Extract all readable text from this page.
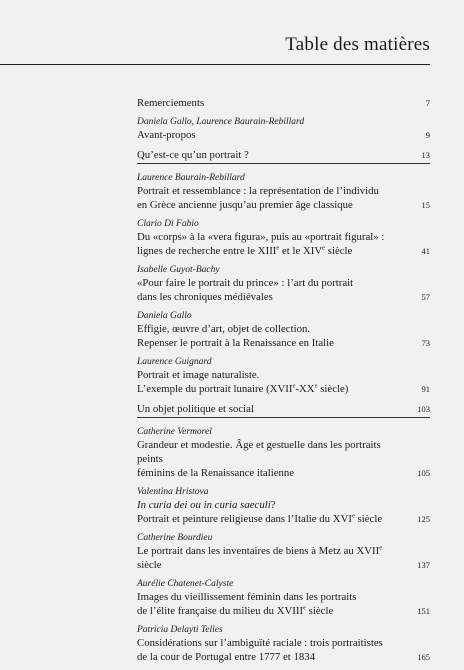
Table des matières
Remerciements	7
Daniela Gallo, Laurence Baurain-Rebillard
Avant-propos	9
Qu’est-ce qu’un portrait ?	13
Laurence Baurain-Rebillard
Portrait et ressemblance : la représentation de l’individu
en Grèce ancienne jusqu’au premier âge classique	15
Clario Di Fabio
Du «corps» à la «vera figura», puis au «portrait figural» :
lignes de recherche entre le XIIIe et le XIVe siècle	41
Isabelle Guyot-Bachy
«Pour faire le portrait du prince» : l’art du portrait
dans les chroniques médiévales	57
Daniela Gallo
Effigie, œuvre d’art, objet de collection.
Repenser le portrait à la Renaissance en Italie	73
Laurence Guignard
Portrait et image naturaliste.
L’exemple du portrait lunaire (XVIIe-XXe siècle)	91
Un objet politique et social	103
Catherine Vermorel
Grandeur et modestie. Âge et gestuelle dans les portraits peints
féminins de la Renaissance italienne	105
Valentina Hristova
In curia dei ou in curia saeculi?
Portrait et peinture religieuse dans l’Italie du XVIe siècle	125
Catherine Bourdieu
Le portrait dans les inventaires de biens à Metz au XVIIe siècle	137
Aurélie Chatenet-Calyste
Images du vieillissement féminin dans les portraits
de l’élite française du milieu du XVIIIe siècle	151
Patricia Delayti Telles
Considérations sur l’ambiguïté raciale : trois portraitistes
de la cour de Portugal entre 1777 et 1834	165
